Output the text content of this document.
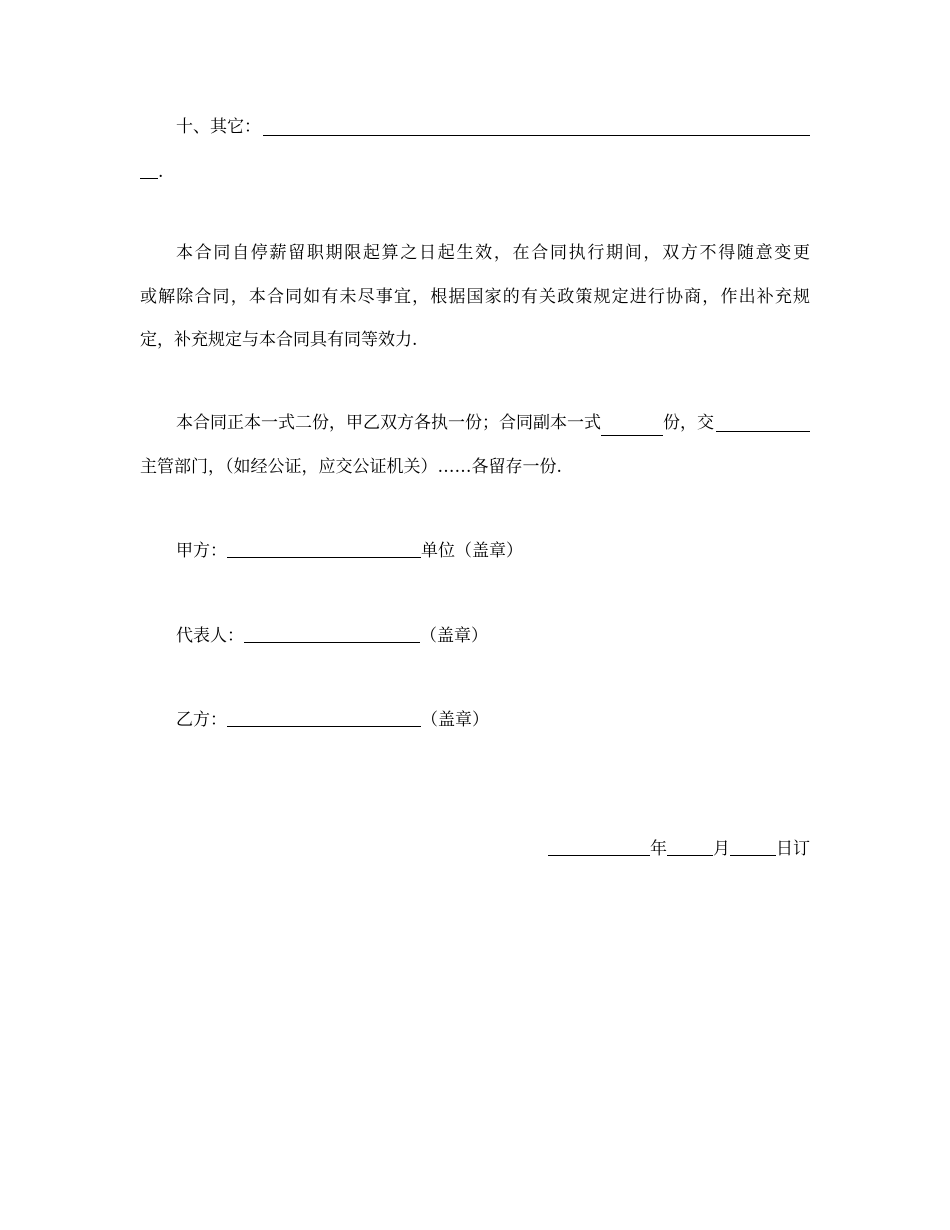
十、其它：
.
本合同自停薪留职期限起算之日起生效，在合同执行期间，双方不得随意变更
或解除合同，本合同如有未尽事宜，根据国家的有关政策规定进行协商，作出补充规
定，补充规定与本合同具有同等效力.
本合同正本一式二份，甲乙双方各执一份；合同副本一式	份，交
主管部门，（如经公证，应交公证机关）……各留存一份.
甲方：	单位（盖章）
代表人：	（盖章）
乙方：	（盖章）
年	月	日订
